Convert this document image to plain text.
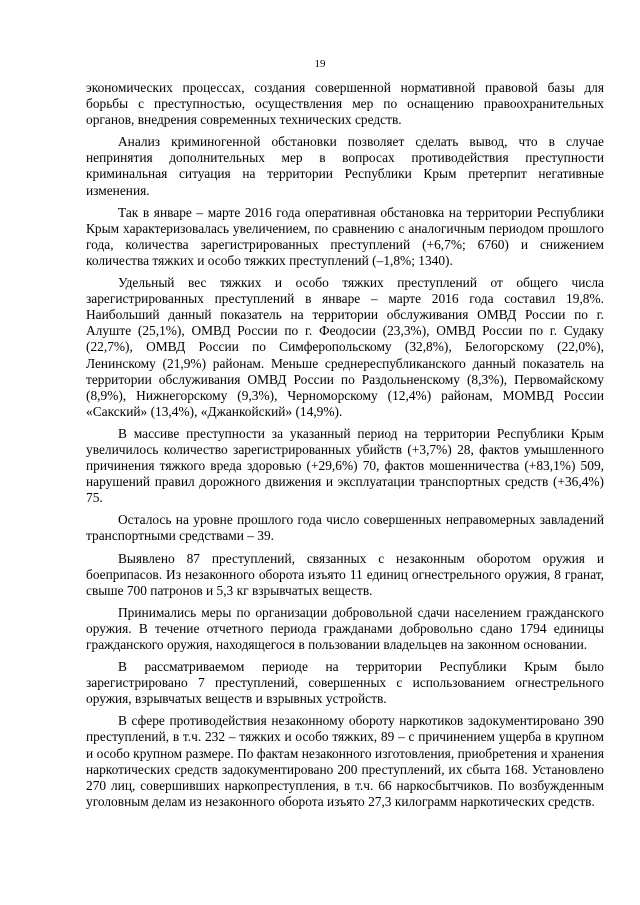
19

экономических процессах, создания совершенной нормативной правовой базы для борьбы с преступностью, осуществления мер по оснащению правоохранительных органов, внедрения современных технических средств.

Анализ криминогенной обстановки позволяет сделать вывод, что в случае непринятия дополнительных мер в вопросах противодействия преступности криминальная ситуация на территории Республики Крым претерпит негативные изменения.

Так в январе – марте 2016 года оперативная обстановка на территории Республики Крым характеризовалась увеличением, по сравнению с аналогичным периодом прошлого года, количества зарегистрированных преступлений (+6,7%; 6760) и снижением количества тяжких и особо тяжких преступлений (–1,8%; 1340).

Удельный вес тяжких и особо тяжких преступлений от общего числа зарегистрированных преступлений в январе – марте 2016 года составил 19,8%. Наибольший данный показатель на территории обслуживания ОМВД России по г. Алуште (25,1%), ОМВД России по г. Феодосии (23,3%), ОМВД России по г. Судаку (22,7%), ОМВД России по Симферопольскому (32,8%), Белогорскому (22,0%), Ленинскому (21,9%) районам. Меньше среднереспубликанского данный показатель на территории обслуживания ОМВД России по Раздольненскому (8,3%), Первомайскому (8,9%), Нижнегорскому (9,3%), Черноморскому (12,4%) районам, МОМВД России «Сакский» (13,4%), «Джанкойский» (14,9%).

В массиве преступности за указанный период на территории Республики Крым увеличилось количество зарегистрированных убийств (+3,7%) 28, фактов умышленного причинения тяжкого вреда здоровью (+29,6%) 70, фактов мошенничества (+83,1%) 509, нарушений правил дорожного движения и эксплуатации транспортных средств (+36,4%) 75.

Осталось на уровне прошлого года число совершенных неправомерных завладений транспортными средствами – 39.

Выявлено 87 преступлений, связанных с незаконным оборотом оружия и боеприпасов. Из незаконного оборота изъято 11 единиц огнестрельного оружия, 8 гранат, свыше 700 патронов и 5,3 кг взрывчатых веществ.

Принимались меры по организации добровольной сдачи населением гражданского оружия. В течение отчетного периода гражданами добровольно сдано 1794 единицы гражданского оружия, находящегося в пользовании владельцев на законном основании.

В рассматриваемом периоде на территории Республики Крым было зарегистрировано 7 преступлений, совершенных с использованием огнестрельного оружия, взрывчатых веществ и взрывных устройств.

В сфере противодействия незаконному обороту наркотиков задокументировано 390 преступлений, в т.ч. 232 – тяжких и особо тяжких, 89 – с причинением ущерба в крупном и особо крупном размере. По фактам незаконного изготовления, приобретения и хранения наркотических средств задокументировано 200 преступлений, их сбыта 168. Установлено 270 лиц, совершивших наркопреступления, в т.ч. 66 наркосбытчиков. По возбужденным уголовным делам из незаконного оборота изъято 27,3 килограмм наркотических средств.
